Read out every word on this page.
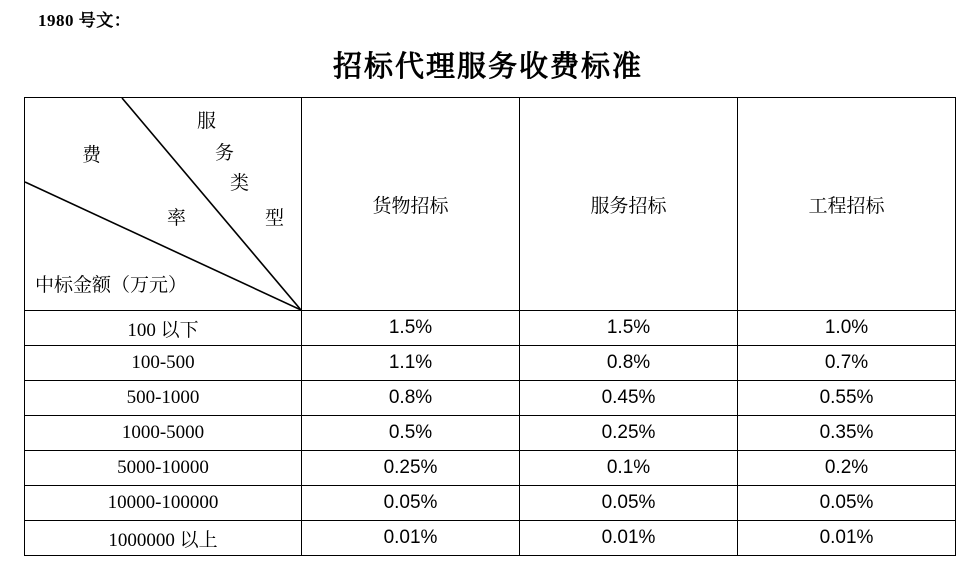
1980 号文：
招标代理服务收费标准
服
务
类
型
费
率
中标金额（万元）
	货物招标	服务招标	工程招标
100 以下	1.5%	1.5%	1.0%
100-500	1.1%	0.8%	0.7%
500-1000	0.8%	0.45%	0.55%
1000-5000	0.5%	0.25%	0.35%
5000-10000	0.25%	0.1%	0.2%
10000-100000	0.05%	0.05%	0.05%
1000000 以上	0.01%	0.01%	0.01%
